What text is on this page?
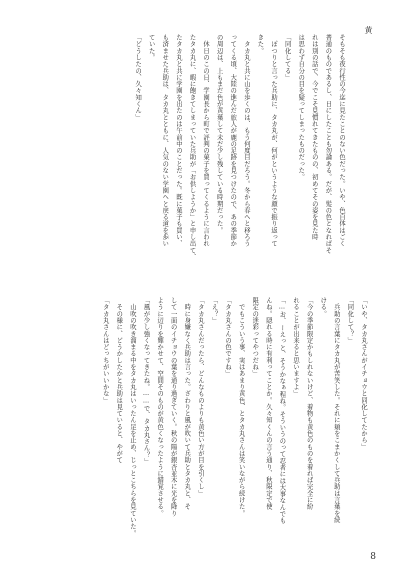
黄
そもそも夜行性の今迄に見たことのない色だった。いや、色自体はごく
普通のものであるし、日にしたことも勿論ある。だが、髪の色となればそ
れは別の話で、今でこそ見慣れてきたものの、初めてその姿を見た時
は思わず自分の目を疑ってしまったものだった。
「同化してる」
　ぽつりと言った兵助に、タカ丸が、何がというような顔で振り返って
きた。
　タカ丸と共に山を歩くのは、もう何度目だろう。冬から春へと移ろう
ってくる頃、大陸の進んだ旅人が鹿の足跡を見つけたので、あの季節か
の周辺は、上もまだ色が黄葉して未だ少し残している時期だった。
　休日のこの日、学園長から町で評判の菓子を買ってくるように言われ
たタカ丸に、暇に飽きてしまっていた兵助が「お供しようか」と申し出て、
たタカ丸と共に学園を出たのは午前中のことだった。既に菓子も買い、
も済ませた兵助は、タカ丸とともに、人気のない学園へと戻る道を歩い
ていた。
「どうしたの、久々知くん」
「いや、タカ丸さんがイチョウと同化してたから」
「同化して？」
　兵助の言葉にタカ丸が苦笑した。それに頬をこまかくして兵助は言葉を続
ける。
「今の季節限定かもしれないけど、着物も黄色のものを着れば完全に紛
れることが出来ると思いますよ」
「…お、ーえっと、そうかなぁ程ね。そういうのって忍者には大事なんでも
んね。隠れる時に有利ってことか。久々知くんの言う通り、秋限定で使
限定の迷彩ってやつだね」
　でもこういう事、実はあまり黄色、とタカ丸さんは笑いながら続けた。
「タカ丸さんの色ですね」
「え？」
「タカ丸さんだったら、どんなものよりも黄色い方が目を引くし」
　時に身嫌なく兵助は言った。ざわりと風が吹いて兵助とタカ丸と、そ
して一面のイチョウの葉を通り過ぎていく。秋の陽が銀杏並木に光を降り
ように辺りを輝かせて、空間そのものが黄色くなったように錯覚させる。
「風が少し強くなってきたね。……で、タカ丸さん？」
　山吹の吹き溜まる中をタカ丸はいったん足を止め、じっとこちらを見ていた。
　その様に、どうかしたかと兵助は見ていると、やがて
「タカ丸さんはどっちがいいかな」
8
